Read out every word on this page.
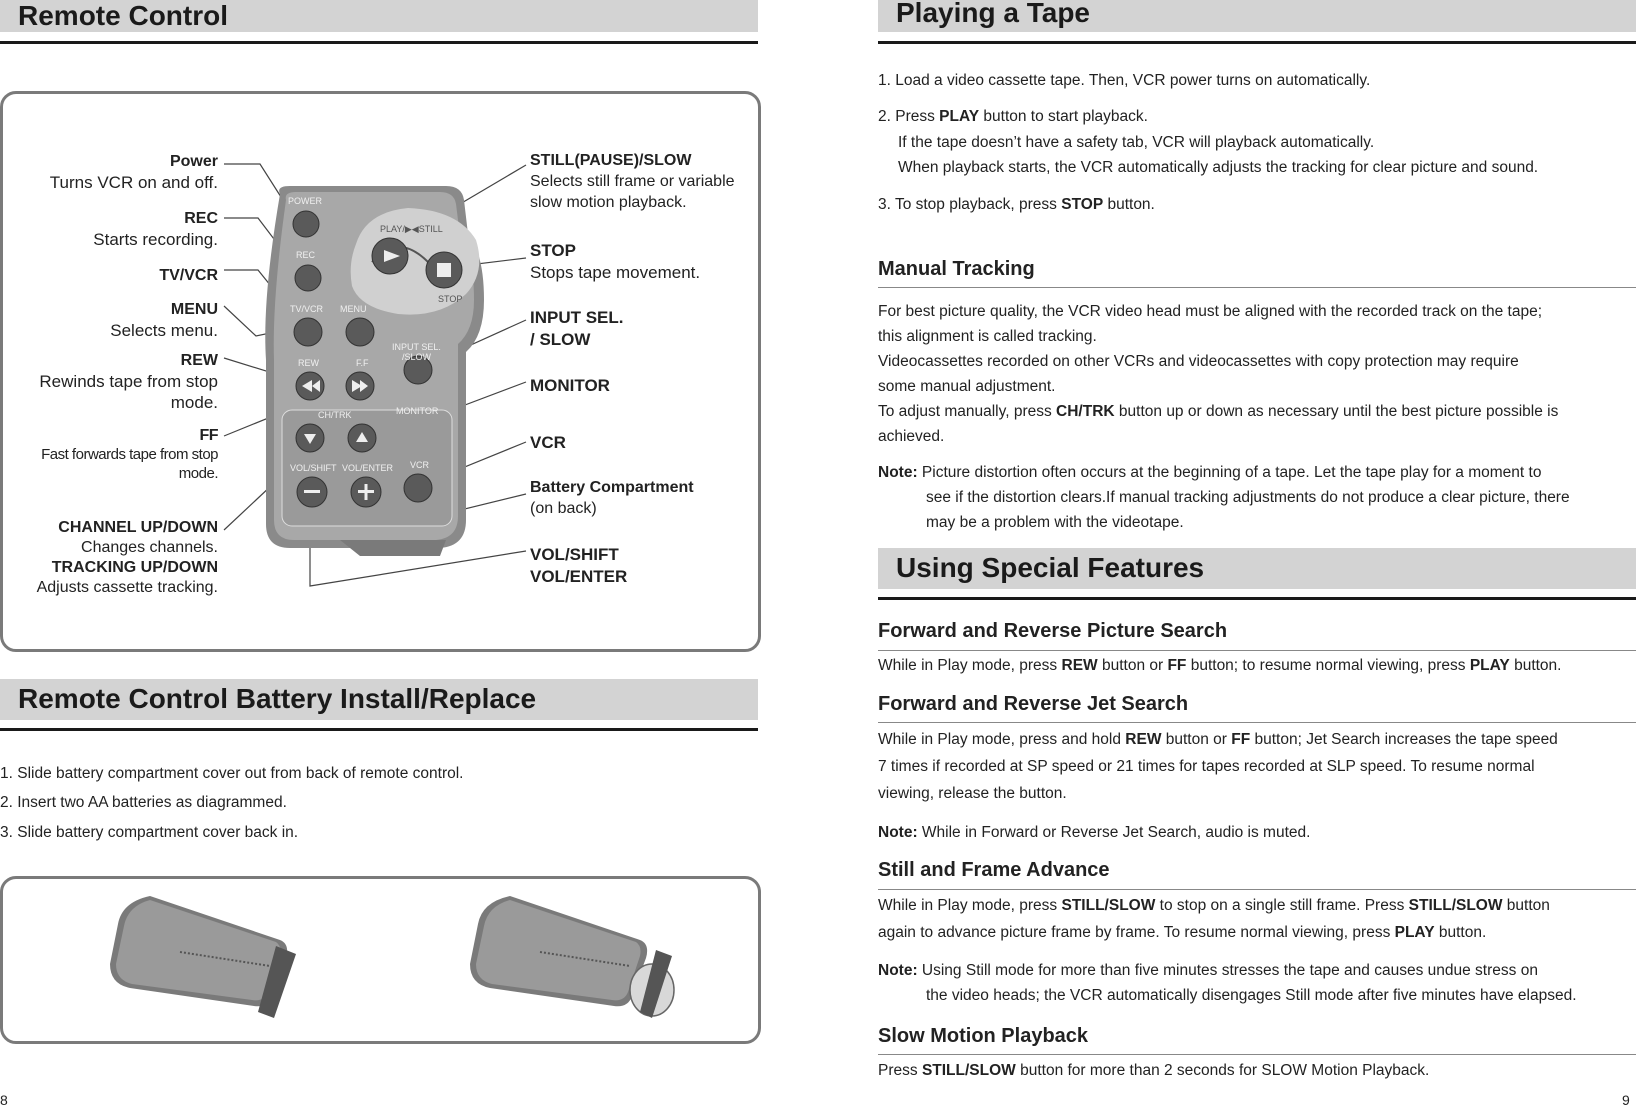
Remote Control
Power
Turns VCR on and off.
REC
Starts recording.
TV/VCR
MENU
Selects menu.
REW
Rewinds tape from stop mode.
FF
Fast forwards tape from stop mode.
CHANNEL UP/DOWN
Changes channels.
TRACKING UP/DOWN
Adjusts cassette tracking.
STILL(PAUSE)/SLOW
Selects still frame or variable slow motion playback.
STOP
Stops tape movement.
INPUT SEL.
/ SLOW
MONITOR
VCR
Battery Compartment
(on back)
VOL/SHIFT
VOL/ENTER
POWER
REC
TV/VCR MENU
REW	F.F
CH/TRK
VOL/SHIFT VOL/ENTER
INPUT SEL.
/SLOW
MONITOR
VCR
PLAY/▶◀STILL
STOP
Remote Control Battery Install/Replace
1. Slide battery compartment cover out from back of remote control.
2. Insert two AA batteries as diagrammed.
3. Slide battery compartment cover back in.
8
Playing a Tape
1. Load a video cassette tape. Then, VCR power turns on automatically.
2. Press PLAY button to start playback.
If the tape doesn’t have a safety tab, VCR will playback automatically.
When playback starts, the VCR automatically adjusts the tracking for clear picture and sound.
3. To stop playback, press STOP button.
Manual Tracking

For best picture quality, the VCR video head must be aligned with the recorded track on the tape;
this alignment is called tracking.
Videocassettes recorded on other VCRs and videocassettes with copy protection may require
some manual adjustment.
To adjust manually, press CH/TRK button up or down as necessary until the best picture possible is
achieved.

Note: Picture distortion often occurs at the beginning of a tape. Let the tape play for a moment to
see if the distortion clears.If manual tracking adjustments do not produce a clear picture, there
may be a problem with the videotape.

Using Special Features
Forward and Reverse Picture Search

While in Play mode, press REW button or FF button; to resume normal viewing, press PLAY button.

Forward and Reverse Jet Search

While in Play mode, press and hold REW button or FF button; Jet Search increases the tape speed
7 times if recorded at SP speed or 21 times for tapes recorded at SLP speed. To resume normal
viewing, release the button.

Note: While in Forward or Reverse Jet Search, audio is muted.

Still and Frame Advance

While in Play mode, press STILL/SLOW to stop on a single still frame. Press STILL/SLOW button
again to advance picture frame by frame. To resume normal viewing, press PLAY button.

Note: Using Still mode for more than five minutes stresses the tape and causes undue stress on
the video heads; the VCR automatically disengages Still mode after five minutes have elapsed.

Slow Motion Playback

Press STILL/SLOW button for more than 2 seconds for SLOW Motion Playback.

9
